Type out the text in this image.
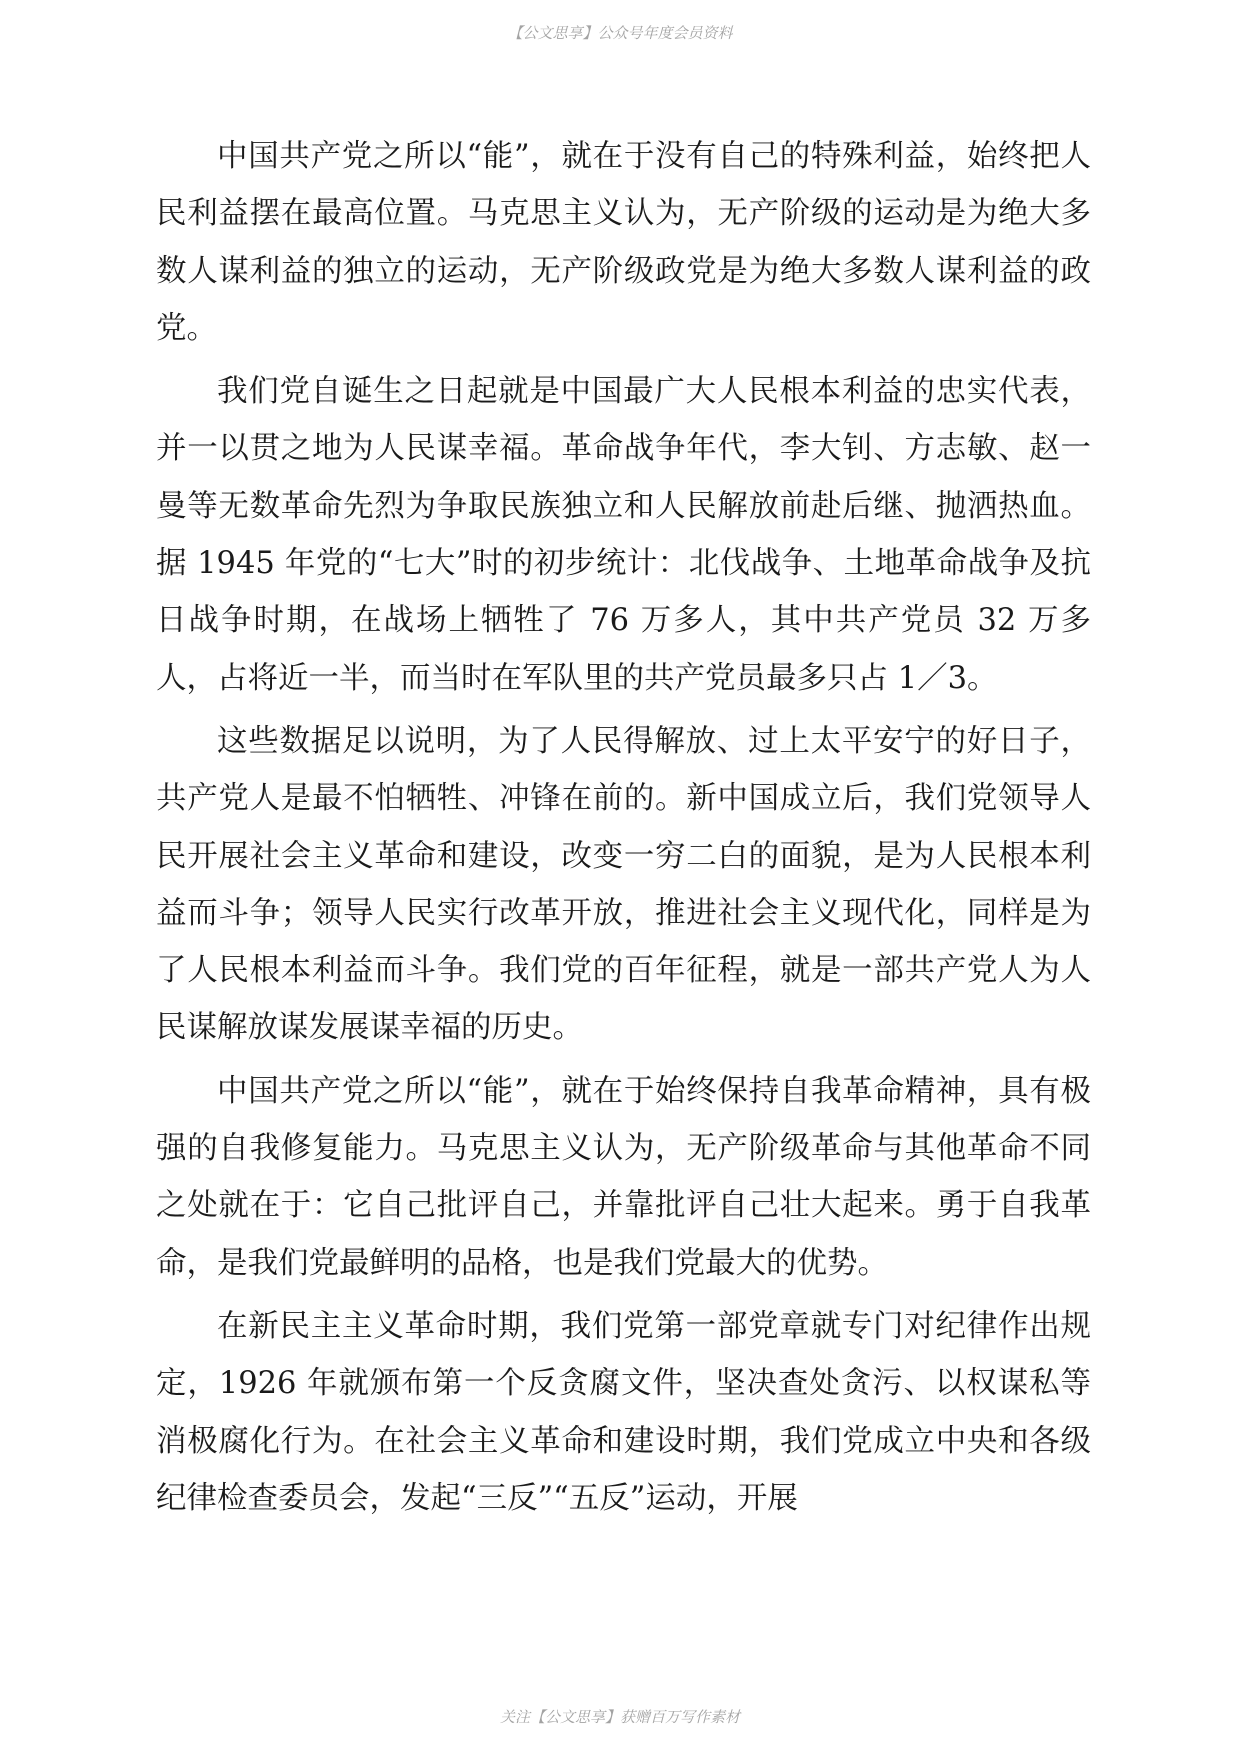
【公文思享】公众号年度会员资料

中国共产党之所以“能”，就在于没有自己的特殊利益，始终把人民利益摆在最高位置。马克思主义认为，无产阶级的运动是为绝大多数人谋利益的独立的运动，无产阶级政党是为绝大多数人谋利益的政党。

我们党自诞生之日起就是中国最广大人民根本利益的忠实代表，并一以贯之地为人民谋幸福。革命战争年代，李大钊、方志敏、赵一曼等无数革命先烈为争取民族独立和人民解放前赴后继、抛洒热血。据 1945 年党的“七大”时的初步统计：北伐战争、土地革命战争及抗日战争时期，在战场上牺牲了 76 万多人，其中共产党员 32 万多人，占将近一半，而当时在军队里的共产党员最多只占 1／3。

这些数据足以说明，为了人民得解放、过上太平安宁的好日子，共产党人是最不怕牺牲、冲锋在前的。新中国成立后，我们党领导人民开展社会主义革命和建设，改变一穷二白的面貌，是为人民根本利益而斗争；领导人民实行改革开放，推进社会主义现代化，同样是为了人民根本利益而斗争。我们党的百年征程，就是一部共产党人为人民谋解放谋发展谋幸福的历史。

中国共产党之所以“能”，就在于始终保持自我革命精神，具有极强的自我修复能力。马克思主义认为，无产阶级革命与其他革命不同之处就在于：它自己批评自己，并靠批评自己壮大起来。勇于自我革命，是我们党最鲜明的品格，也是我们党最大的优势。

在新民主主义革命时期，我们党第一部党章就专门对纪律作出规定，1926 年就颁布第一个反贪腐文件，坚决查处贪污、以权谋私等消极腐化行为。在社会主义革命和建设时期，我们党成立中央和各级纪律检查委员会，发起“三反”“五反”运动，开展

关注【公文思享】获赠百万写作素材
